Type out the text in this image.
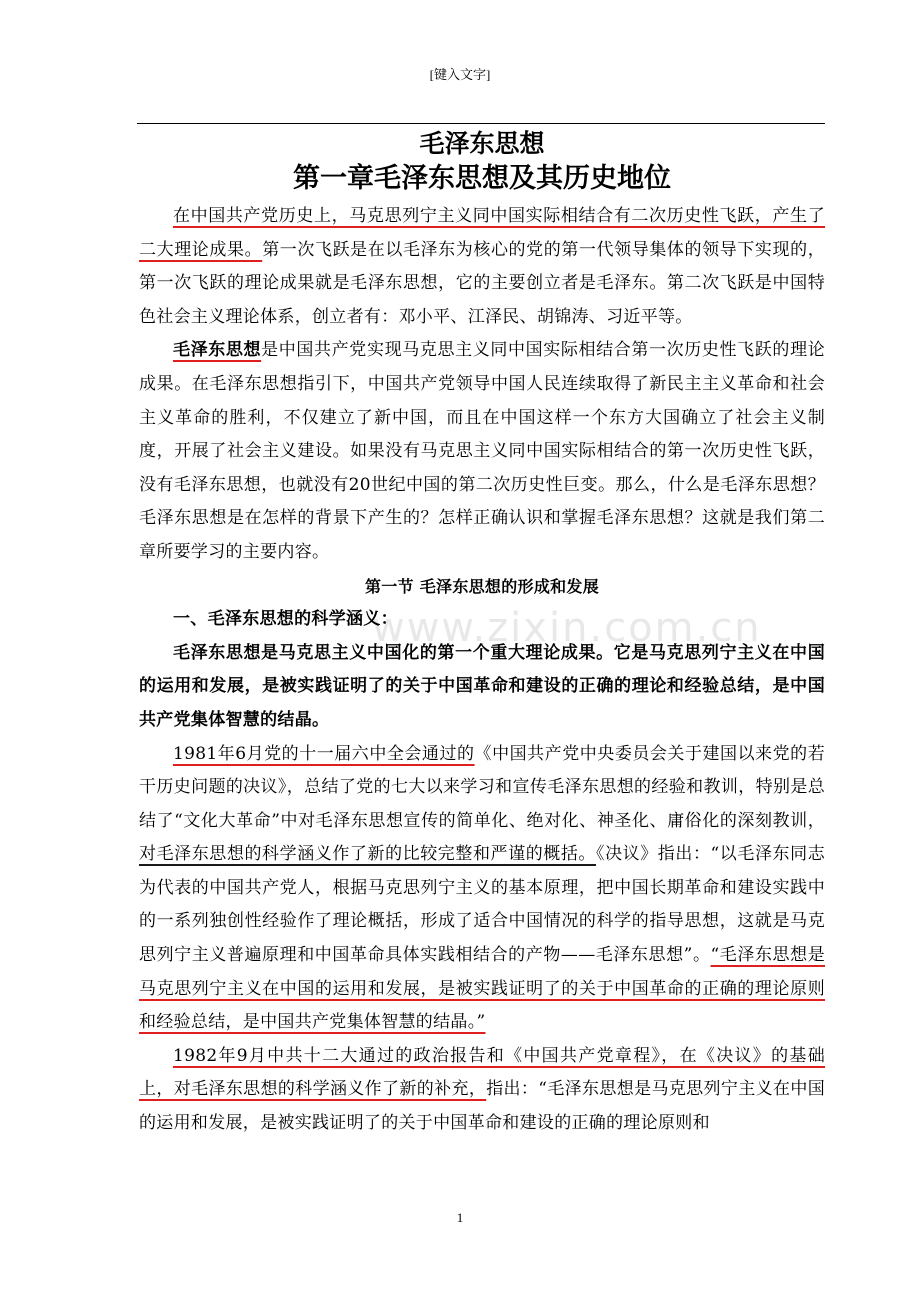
[键入文字]
www.zixin.com.cn
毛泽东思想
第一章毛泽东思想及其历史地位

在中国共产党历史上，马克思列宁主义同中国实际相结合有二次历史性飞跃，产生了二大理论成果。第一次飞跃是在以毛泽东为核心的党的第一代领导集体的领导下实现的，第一次飞跃的理论成果就是毛泽东思想，它的主要创立者是毛泽东。第二次飞跃是中国特色社会主义理论体系，创立者有：邓小平、江泽民、胡锦涛、习近平等。

毛泽东思想是中国共产党实现马克思主义同中国实际相结合第一次历史性飞跃的理论成果。在毛泽东思想指引下，中国共产党领导中国人民连续取得了新民主主义革命和社会主义革命的胜利，不仅建立了新中国，而且在中国这样一个东方大国确立了社会主义制度，开展了社会主义建设。如果没有马克思主义同中国实际相结合的第一次历史性飞跃，没有毛泽东思想，也就没有20世纪中国的第二次历史性巨变。那么，什么是毛泽东思想？毛泽东思想是在怎样的背景下产生的？怎样正确认识和掌握毛泽东思想？这就是我们第二章所要学习的主要内容。

第一节 毛泽东思想的形成和发展

一、毛泽东思想的科学涵义：

毛泽东思想是马克思主义中国化的第一个重大理论成果。它是马克思列宁主义在中国的运用和发展，是被实践证明了的关于中国革命和建设的正确的理论和经验总结，是中国共产党集体智慧的结晶。

1981年6月党的十一届六中全会通过的《中国共产党中央委员会关于建国以来党的若干历史问题的决议》，总结了党的七大以来学习和宣传毛泽东思想的经验和教训，特别是总结了“文化大革命”中对毛泽东思想宣传的简单化、绝对化、神圣化、庸俗化的深刻教训，对毛泽东思想的科学涵义作了新的比较完整和严谨的概括。《决议》指出：“以毛泽东同志为代表的中国共产党人，根据马克思列宁主义的基本原理，把中国长期革命和建设实践中的一系列独创性经验作了理论概括，形成了适合中国情况的科学的指导思想，这就是马克思列宁主义普遍原理和中国革命具体实践相结合的产物——毛泽东思想”。“毛泽东思想是马克思列宁主义在中国的运用和发展，是被实践证明了的关于中国革命的正确的理论原则和经验总结，是中国共产党集体智慧的结晶。”

1982年9月中共十二大通过的政治报告和《中国共产党章程》，在《决议》的基础上，对毛泽东思想的科学涵义作了新的补充，指出：“毛泽东思想是马克思列宁主义在中国的运用和发展，是被实践证明了的关于中国革命和建设的正确的理论原则和

1
